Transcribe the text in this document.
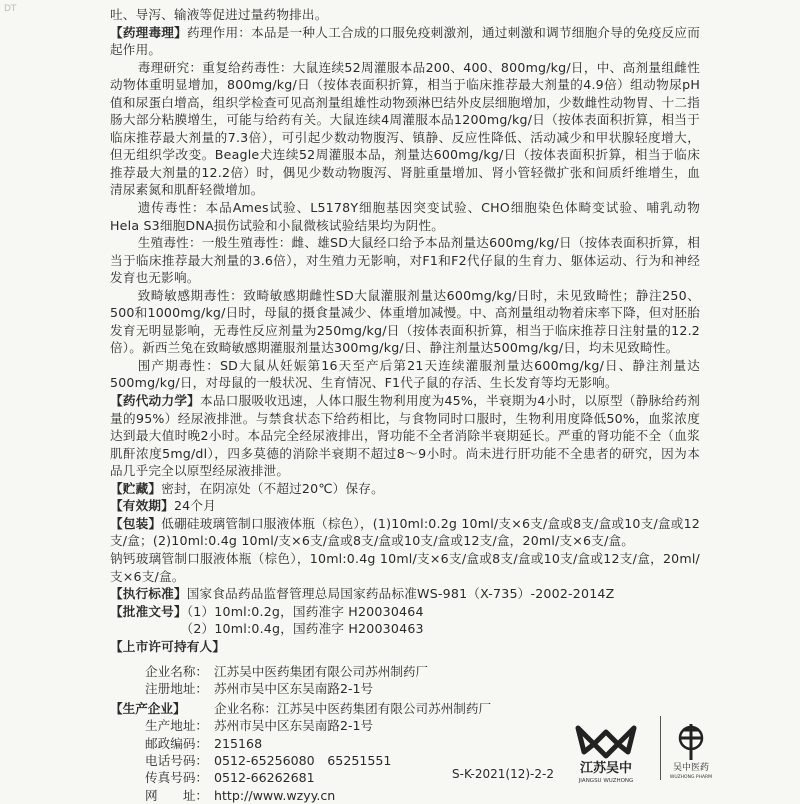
DT	吐、导泻、输液等促进过量药物排出。

【药理毒理】药理作用：本品是一种人工合成的口服免疫刺激剂，通过刺激和调节细胞介导的免疫反应而起作用。

毒理研究：重复给药毒性：大鼠连续52周灌服本品200、400、800mg/kg/日，中、高剂量组雌性动物体重明显增加，800mg/kg/日（按体表面积折算，相当于临床推荐最大剂量的4.9倍）组动物尿pH值和尿蛋白增高，组织学检查可见高剂量组雄性动物颈淋巴结外皮层细胞增加，少数雌性动物胃、十二指肠大部分粘膜增生，可能与给药有关。大鼠连续4周灌服本品1200mg/kg/日（按体表面积折算，相当于临床推荐最大剂量的7.3倍），可引起少数动物腹泻、镇静、反应性降低、活动减少和甲状腺轻度增大，但无组织学改变。Beagle犬连续52周灌服本品，剂量达600mg/kg/日（按体表面积折算，相当于临床推荐最大剂量的12.2倍）时，偶见少数动物腹泻、肾脏重量增加、肾小管轻微扩张和间质纤维增生，血清尿素氮和肌酐轻微增加。

遗传毒性：本品Ames试验、L5178Y细胞基因突变试验、CHO细胞染色体畸变试验、哺乳动物Hela S3细胞DNA损伤试验和小鼠微核试验结果均为阴性。

生殖毒性：一般生殖毒性：雌、雄SD大鼠经口给予本品剂量达600mg/kg/日（按体表面积折算，相当于临床推荐最大剂量的3.6倍），对生殖力无影响，对F1和F2代仔鼠的生育力、躯体运动、行为和神经发育也无影响。

致畸敏感期毒性：致畸敏感期雌性SD大鼠灌服剂量达600mg/kg/日时，未见致畸性；静注250、500和1000mg/kg/日时，母鼠的摄食量减少、体重增加减慢。中、高剂量组动物着床率下降，但对胚胎发育无明显影响，无毒性反应剂量为250mg/kg/日（按体表面积折算，相当于临床推荐日注射量的12.2倍）。新西兰兔在致畸敏感期灌服剂量达300mg/kg/日、静注剂量达500mg/kg/日，均未见致畸性。

围产期毒性：SD大鼠从妊娠第16天至产后第21天连续灌服剂量达600mg/kg/日、静注剂量达500mg/kg/日，对母鼠的一般状况、生育情况、F1代子鼠的存活、生长发育等均无影响。

【药代动力学】本品口服吸收迅速，人体口服生物利用度为45%，半衰期为4小时，以原型（静脉给药剂量的95%）经尿液排泄。与禁食状态下给药相比，与食物同时口服时，生物利用度降低50%，血浆浓度达到最大值时晚2小时。本品完全经尿液排出，肾功能不全者消除半衰期延长。严重的肾功能不全（血浆肌酐浓度5mg/dl），四多莫德的消除半衰期不超过8～9小时。尚未进行肝功能不全患者的研究，因为本品几乎完全以原型经尿液排泄。

【贮藏】密封，在阴凉处（不超过20℃）保存。

【有效期】24个月

【包装】低硼硅玻璃管制口服液体瓶（棕色），(1)10ml:0.2g 10ml/支×6支/盒或8支/盒或10支/盒或12支/盒；(2)10ml:0.4g 10ml/支×6支/盒或8支/盒或10支/盒或12支/盒，20ml/支×6支/盒。

钠钙玻璃管制口服液体瓶（棕色），10ml:0.4g 10ml/支×6支/盒或8支/盒或10支/盒或12支/盒，20ml/支×6支/盒。

【执行标准】国家食品药品监督管理总局国家药品标准WS-981（X-735）-2002-2014Z

【批准文号】（1）10ml:0.2g，国药准字 H20030464

（2）10ml:0.4g，国药准字 H20030463

【上市许可持有人】

企业名称： 江苏吴中医药集团有限公司苏州制药厂
注册地址： 苏州市吴中区东吴南路2-1号
【生产企业】	企业名称： 江苏吴中医药集团有限公司苏州制药厂
生产地址： 苏州市吴中区东吴南路2-1号
邮政编码： 215168
电话号码： 0512-65256080　65251551
传真号码： 0512-66262681
网　　址： http://www.wzyy.cn
S-K-2021(12)-2-2 江苏吴中
JIANGSU WUZHONG
吴中医药
WUZHONG PHARM
